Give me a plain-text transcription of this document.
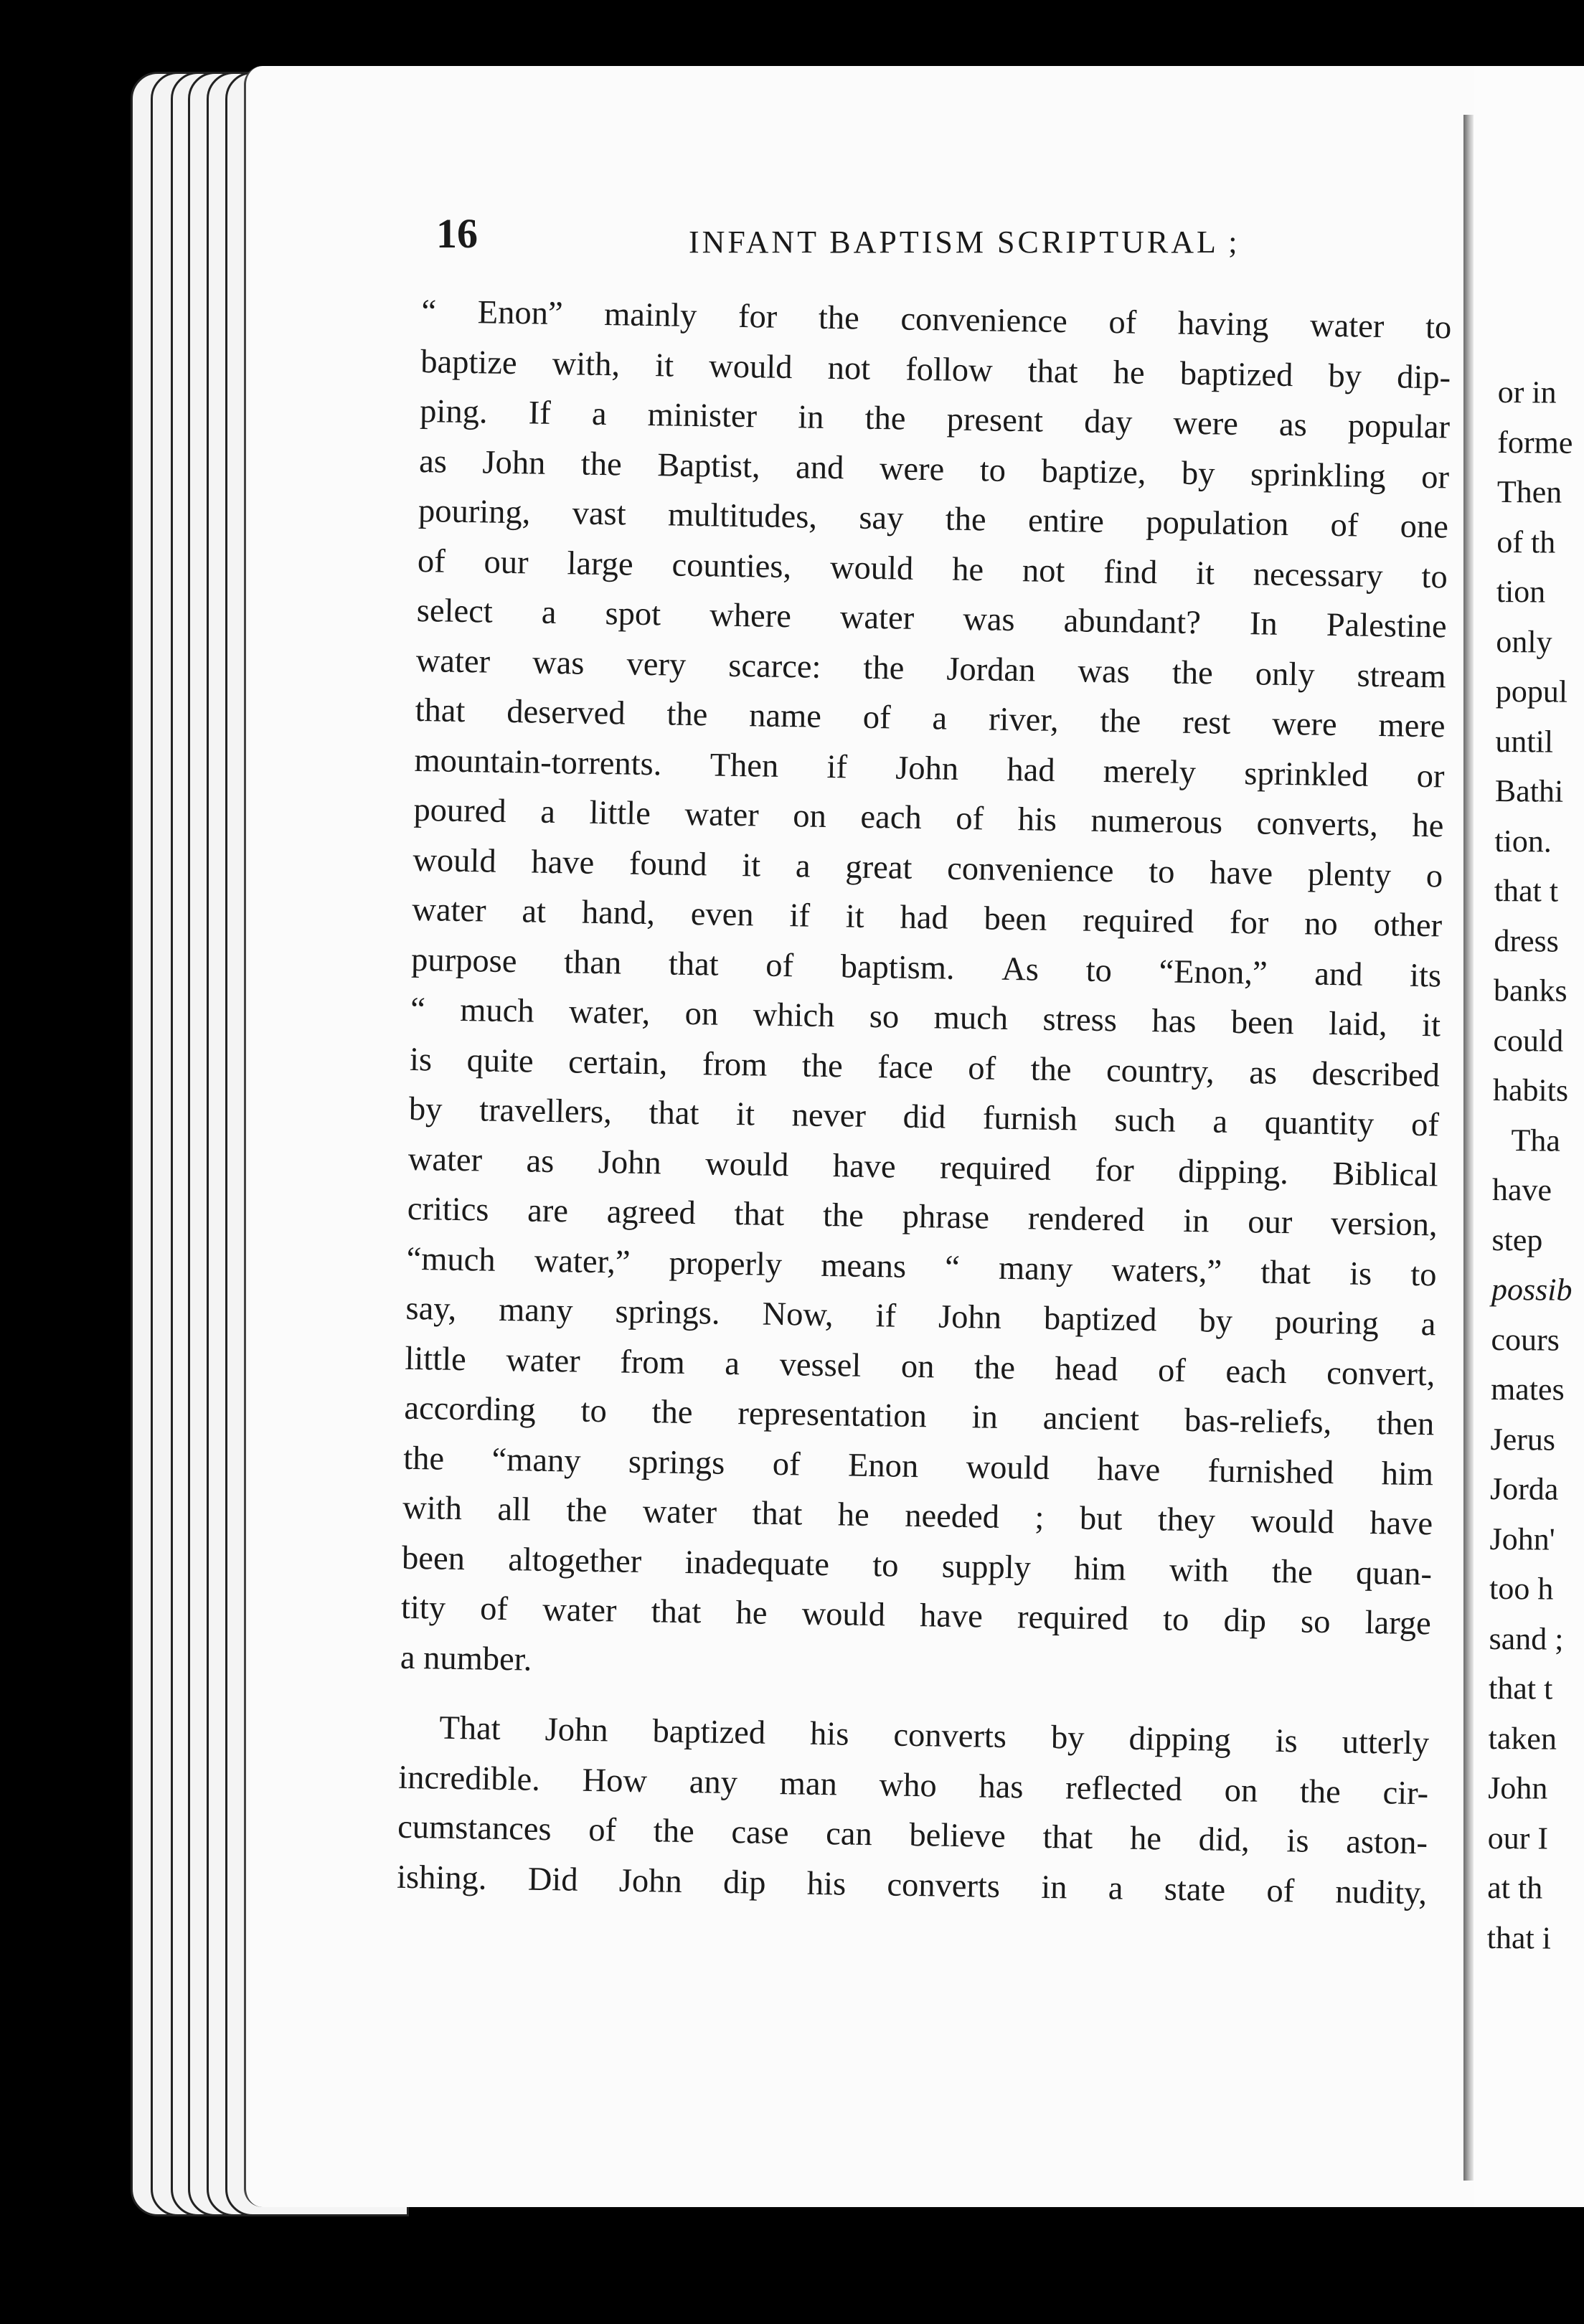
16	INFANT BAPTISM SCRIPTURAL ;
“ Enon” mainly for the convenience of having water to
baptize with, it would not follow that he baptized by dip-
ping. If a minister in the present day were as popular
as John the Baptist, and were to baptize, by sprinkling or
pouring, vast multitudes, say the entire population of one
of our large counties, would he not find it necessary to
select a spot where water was abundant? In Palestine
water was very scarce: the Jordan was the only stream
that deserved the name of a river, the rest were mere
mountain-torrents. Then if John had merely sprinkled or
poured a little water on each of his numerous converts, he
would have found it a great convenience to have plenty o
water at hand, even if it had been required for no other
purpose than that of baptism. As to “Enon,” and its
“ much water, on which so much stress has been laid, it
is quite certain, from the face of the country, as described
by travellers, that it never did furnish such a quantity of
water as John would have required for dipping. Biblical
critics are agreed that the phrase rendered in our version,
“much water,” properly means “ many waters,” that is to
say, many springs. Now, if John baptized by pouring a
little water from a vessel on the head of each convert,
according to the representation in ancient bas-reliefs, then
the “many springs of Enon would have furnished him
with all the water that he needed ; but they would have
been altogether inadequate to supply him with the quan-
tity of water that he would have required to dip so large
a number.
That John baptized his converts by dipping is utterly
incredible. How any man who has reflected on the cir-
cumstances of the case can believe that he did, is aston-
ishing. Did John dip his converts in a state of nudity,
or in
forme
Then
of th
tion
only
popul
until
Bathi
tion.
that t
dress
banks
could
habits
Tha
have
step
possib
cours
mates
Jerus
Jorda
John'
too h
sand ;
that t
taken
John
our I
at th
that i
